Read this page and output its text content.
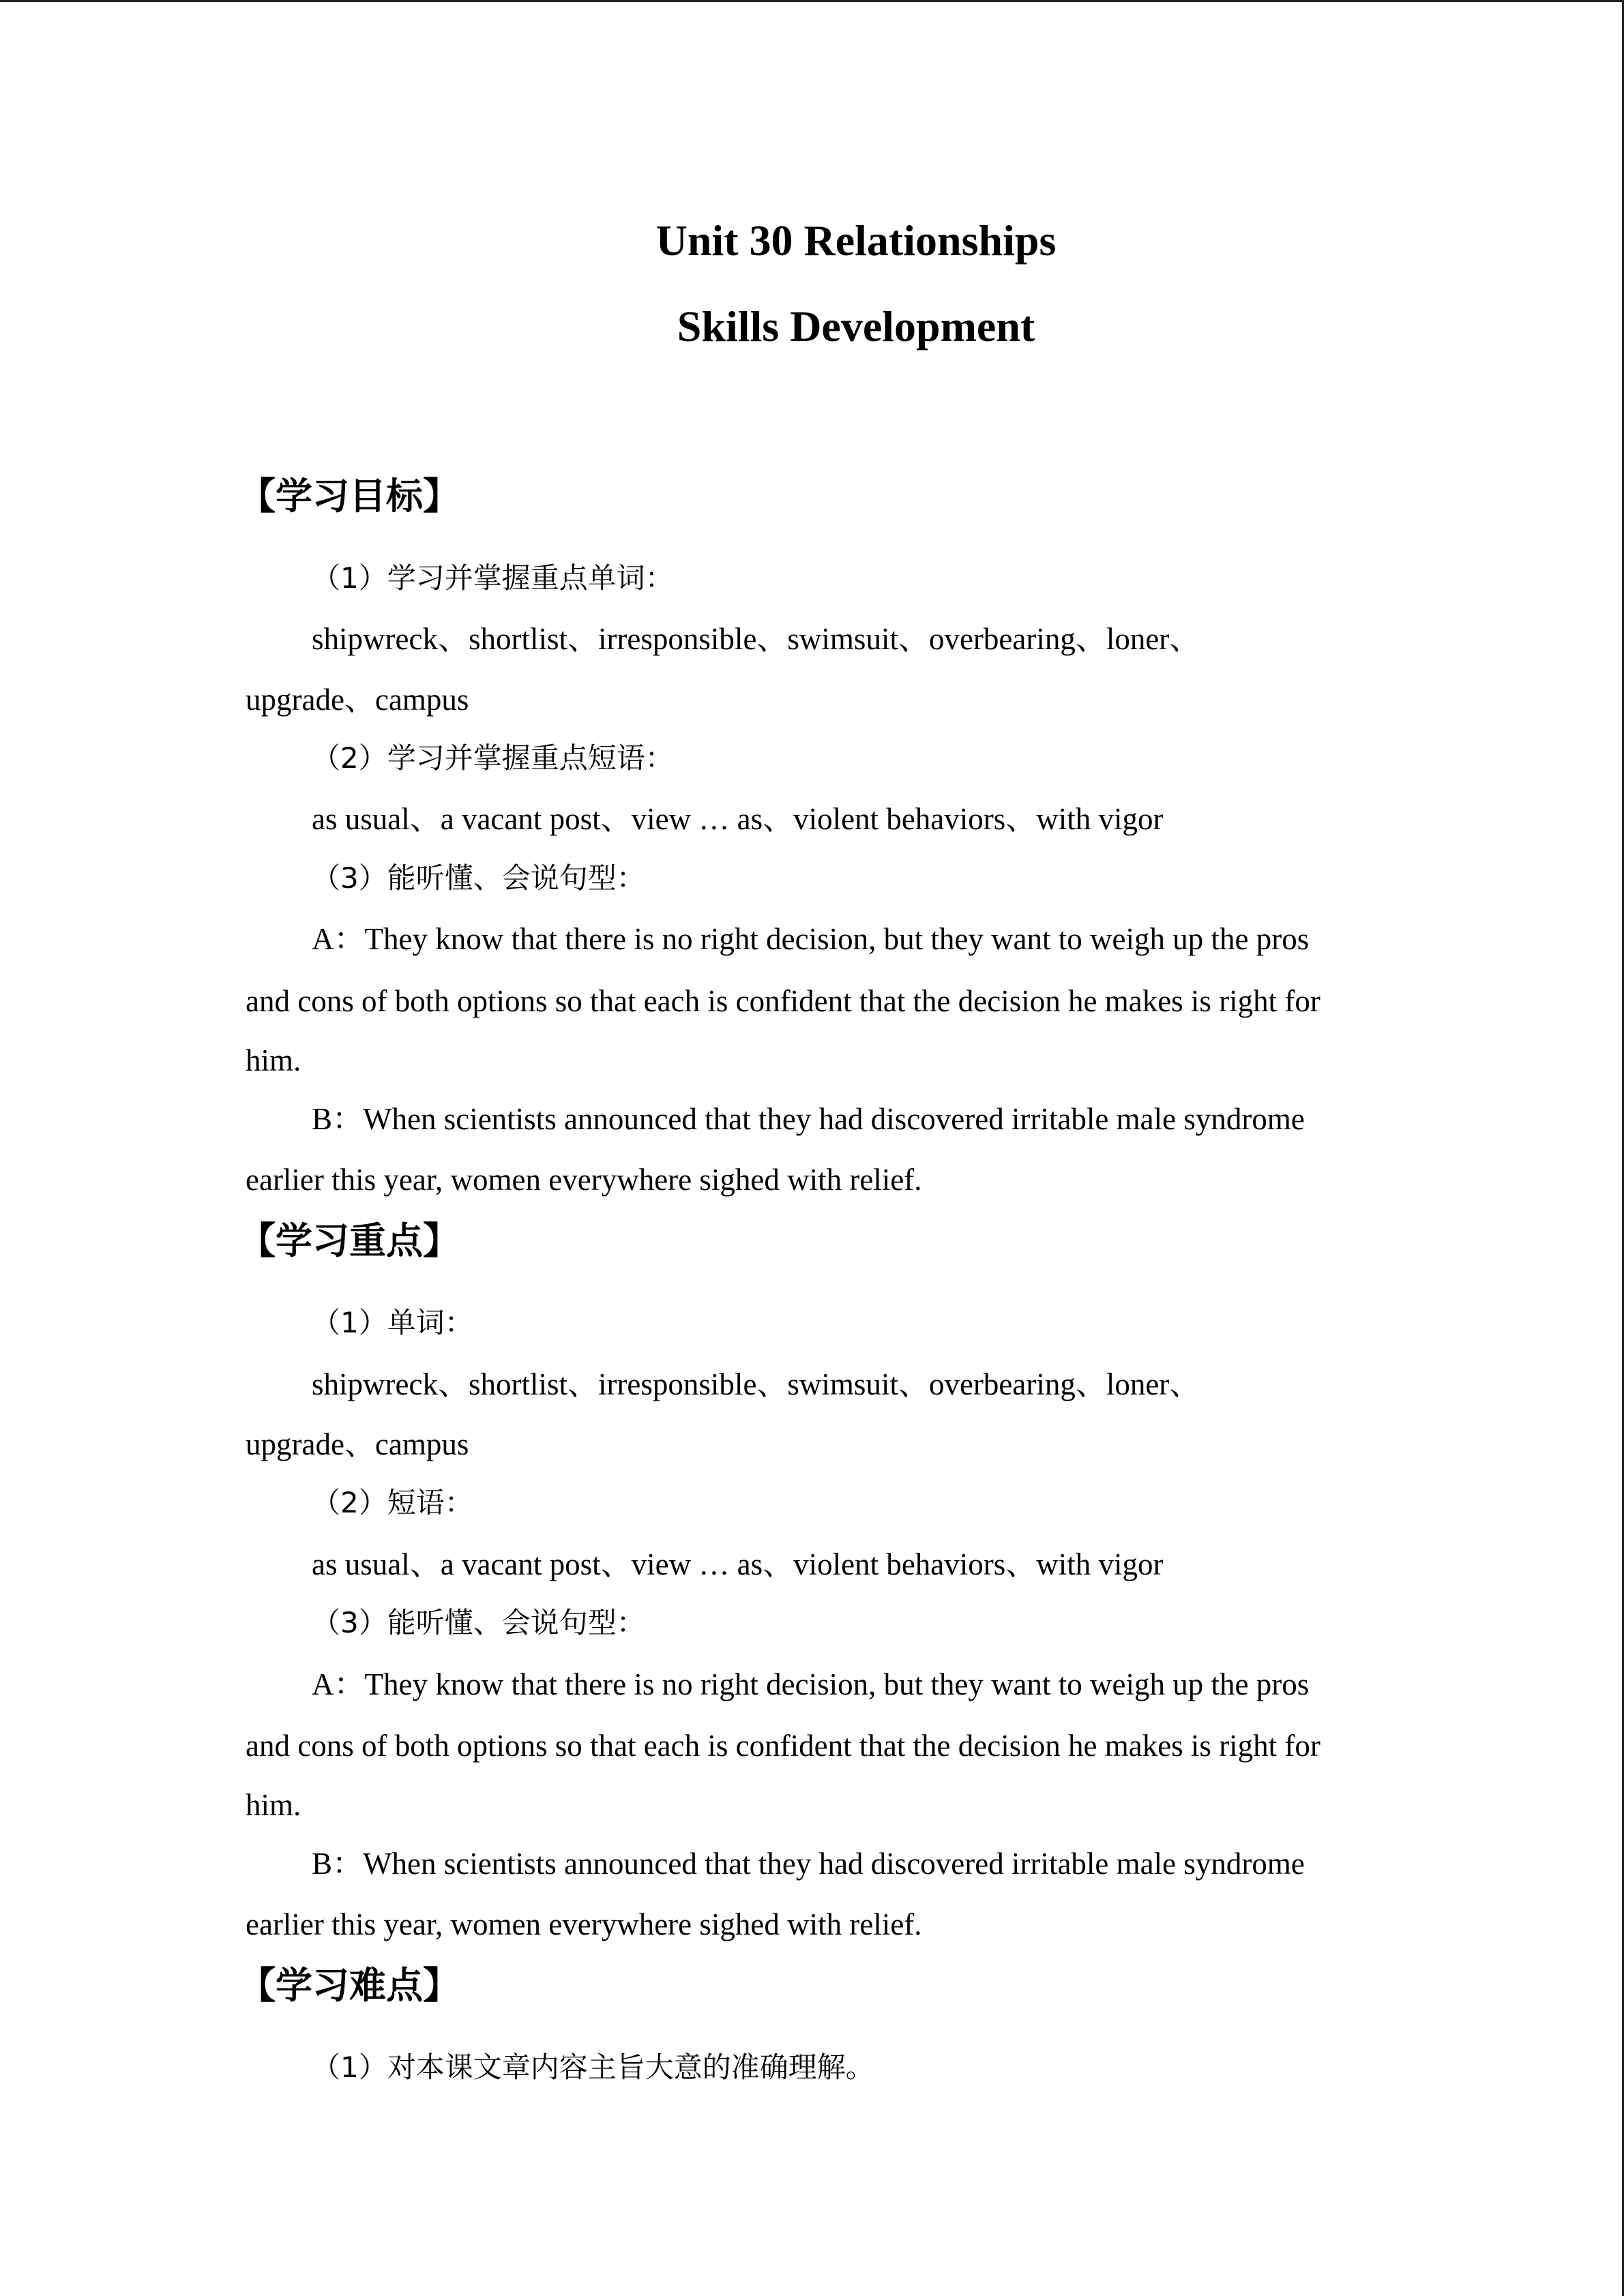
Unit 30 Relationships
Skills Development
【学习目标】
（1）学习并掌握重点单词：
shipwreck、shortlist、irresponsible、swimsuit、overbearing、loner、
upgrade、campus
（2）学习并掌握重点短语：
as usual、a vacant post、view … as、violent behaviors、with vigor
（3）能听懂、会说句型：
A：They know that there is no right decision, but they want to weigh up the pros
and cons of both options so that each is confident that the decision he makes is right for
him.
B：When scientists announced that they had discovered irritable male syndrome
earlier this year, women everywhere sighed with relief.
【学习重点】
（1）单词：
shipwreck、shortlist、irresponsible、swimsuit、overbearing、loner、
upgrade、campus
（2）短语：
as usual、a vacant post、view … as、violent behaviors、with vigor
（3）能听懂、会说句型：
A：They know that there is no right decision, but they want to weigh up the pros
and cons of both options so that each is confident that the decision he makes is right for
him.
B：When scientists announced that they had discovered irritable male syndrome
earlier this year, women everywhere sighed with relief.
【学习难点】
（1）对本课文章内容主旨大意的准确理解。
